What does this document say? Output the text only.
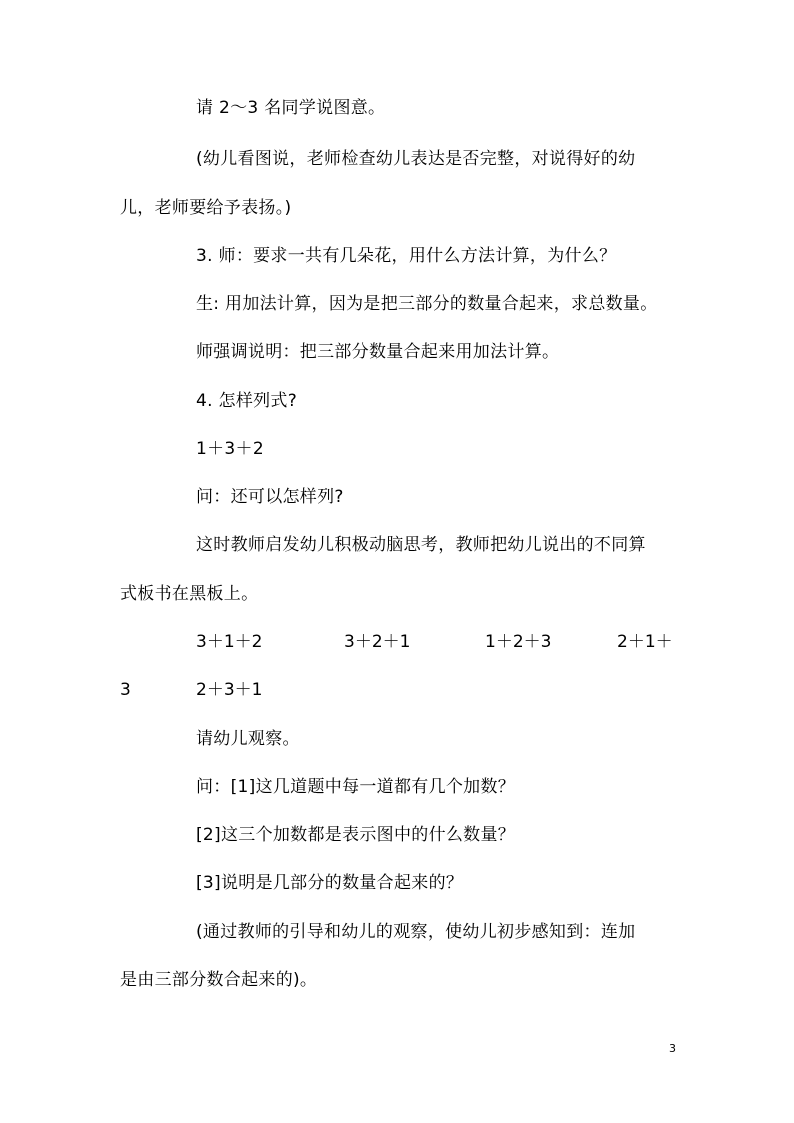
请 2～3 名同学说图意。
(幼儿看图说，老师检查幼儿表达是否完整，对说得好的幼
儿，老师要给予表扬。)
3. 师：要求一共有几朵花，用什么方法计算，为什么？
生: 用加法计算，因为是把三部分的数量合起来，求总数量。
师强调说明：把三部分数量合起来用加法计算。
4. 怎样列式?
1＋3＋2
问：还可以怎样列?
这时教师启发幼儿积极动脑思考，教师把幼儿说出的不同算
式板书在黑板上。
3＋1＋2	3＋2＋1	1＋2＋3	2＋1＋
3	2＋3＋1
请幼儿观察。
问：[1]这几道题中每一道都有几个加数？
[2]这三个加数都是表示图中的什么数量？
[3]说明是几部分的数量合起来的？
(通过教师的引导和幼儿的观察，使幼儿初步感知到：连加
是由三部分数合起来的)。
3
